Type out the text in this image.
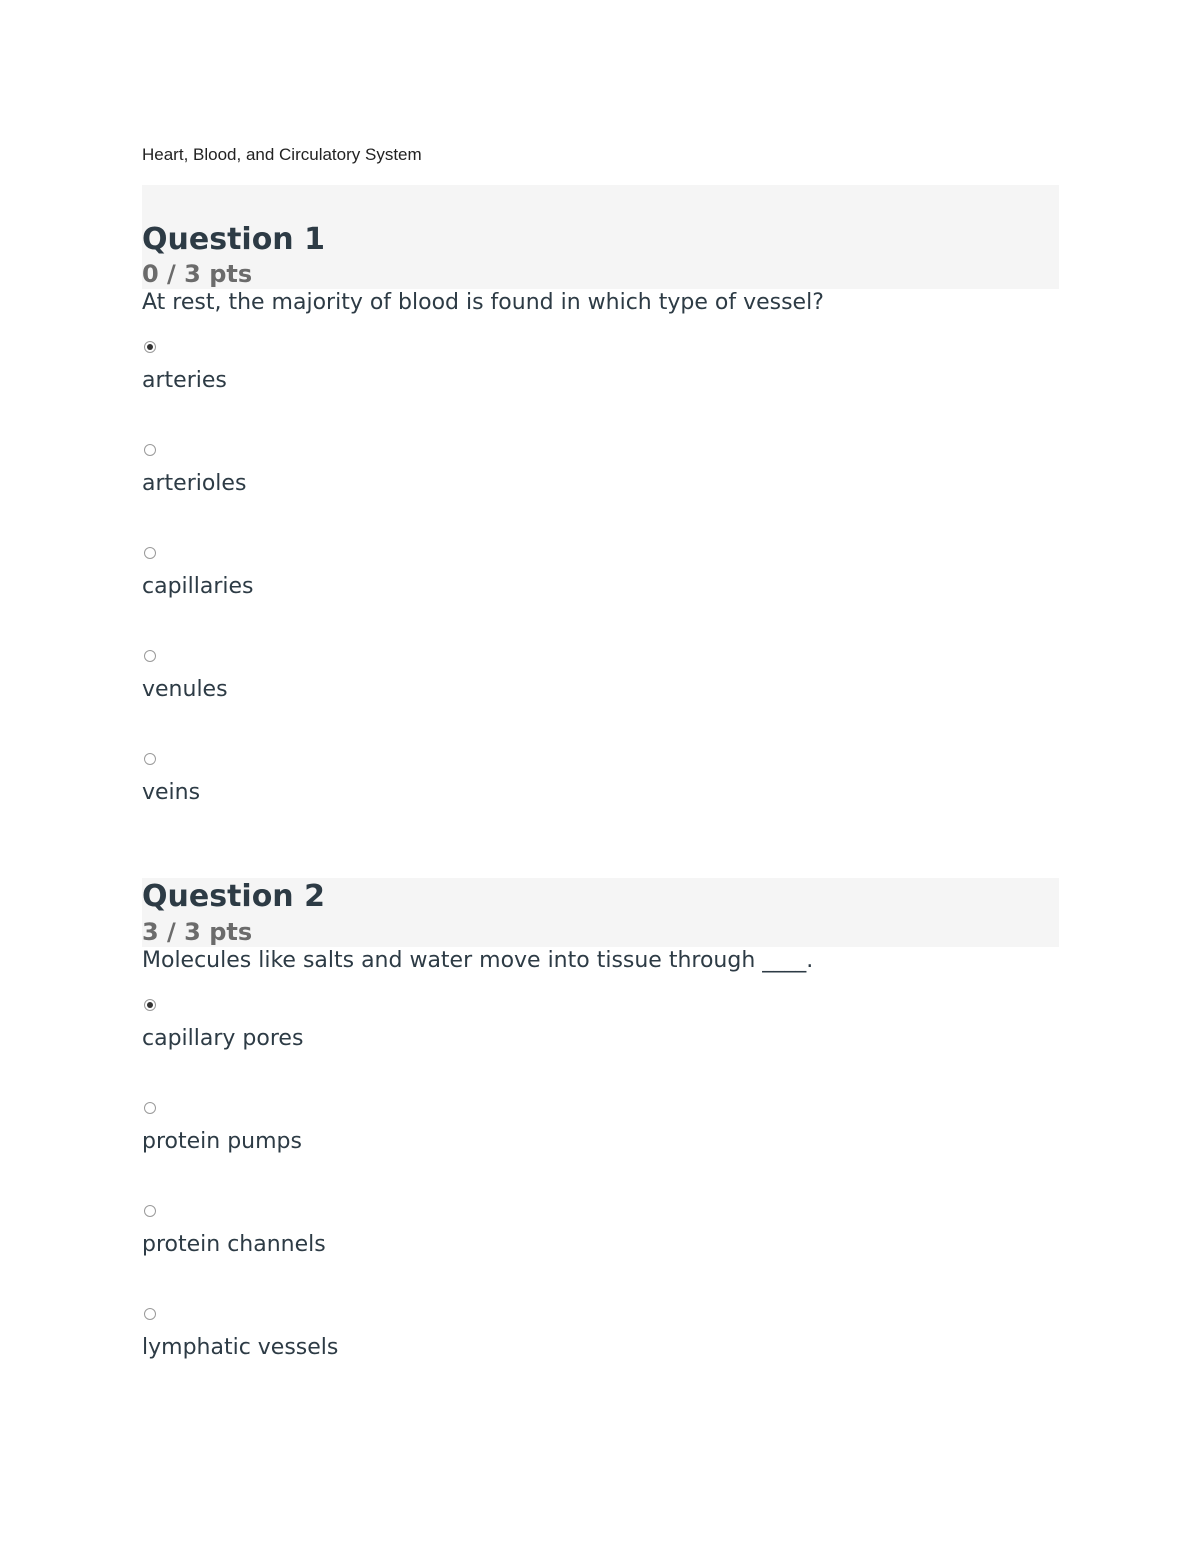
Heart, Blood, and Circulatory System
Question 1
0 / 3 pts
At rest, the majority of blood is found in which type of vessel?
arteries
arterioles
capillaries
venules
veins
Question 2
3 / 3 pts
Molecules like salts and water move into tissue through ____.
capillary pores
protein pumps
protein channels
lymphatic vessels
